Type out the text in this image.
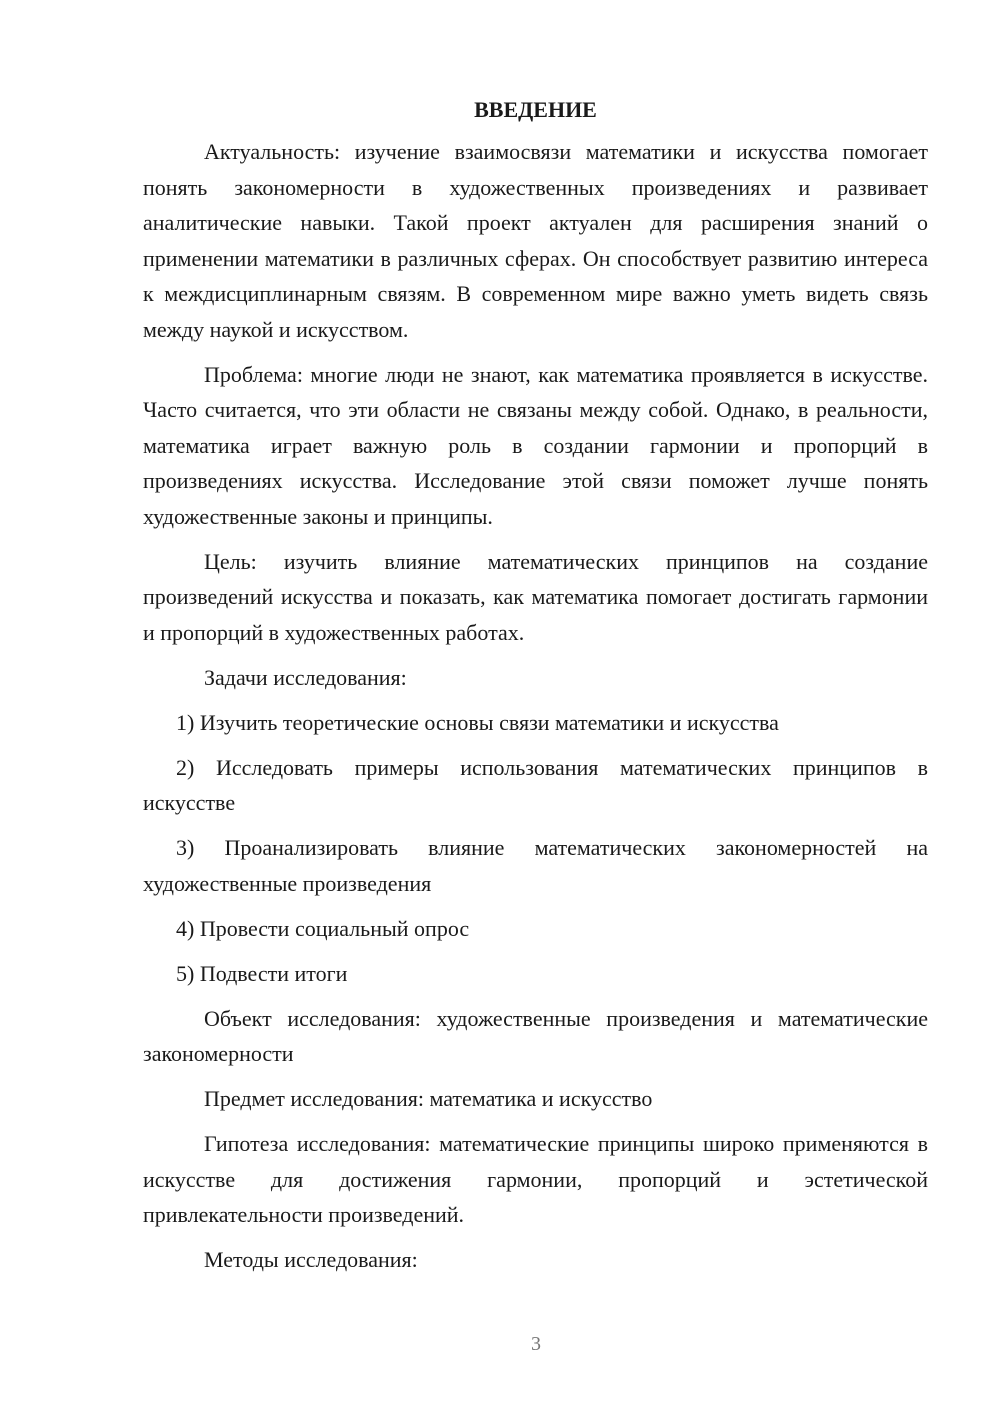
ВВЕДЕНИЕ

Актуальность: изучение взаимосвязи математики и искусства помогает понять закономерности в художественных произведениях и развивает аналитические навыки. Такой проект актуален для расширения знаний о применении математики в различных сферах. Он способствует развитию интереса к междисциплинарным связям. В современном мире важно уметь видеть связь между наукой и искусством.

Проблема: многие люди не знают, как математика проявляется в искусстве. Часто считается, что эти области не связаны между собой. Однако, в реальности, математика играет важную роль в создании гармонии и пропорций в произведениях искусства. Исследование этой связи поможет лучше понять художественные законы и принципы.

Цель: изучить влияние математических принципов на создание произведений искусства и показать, как математика помогает достигать гармонии и пропорций в художественных работах.

Задачи исследования:

1) Изучить теоретические основы связи математики и искусства

2) Исследовать примеры использования математических принципов в искусстве

3) Проанализировать влияние математических закономерностей на художественные произведения

4) Провести социальный опрос

5) Подвести итоги

Объект исследования: художественные произведения и математические закономерности

Предмет исследования: математика и искусство

Гипотеза исследования: математические принципы широко применяются в искусстве для достижения гармонии, пропорций и эстетической привлекательности произведений.

Методы исследования:

3
